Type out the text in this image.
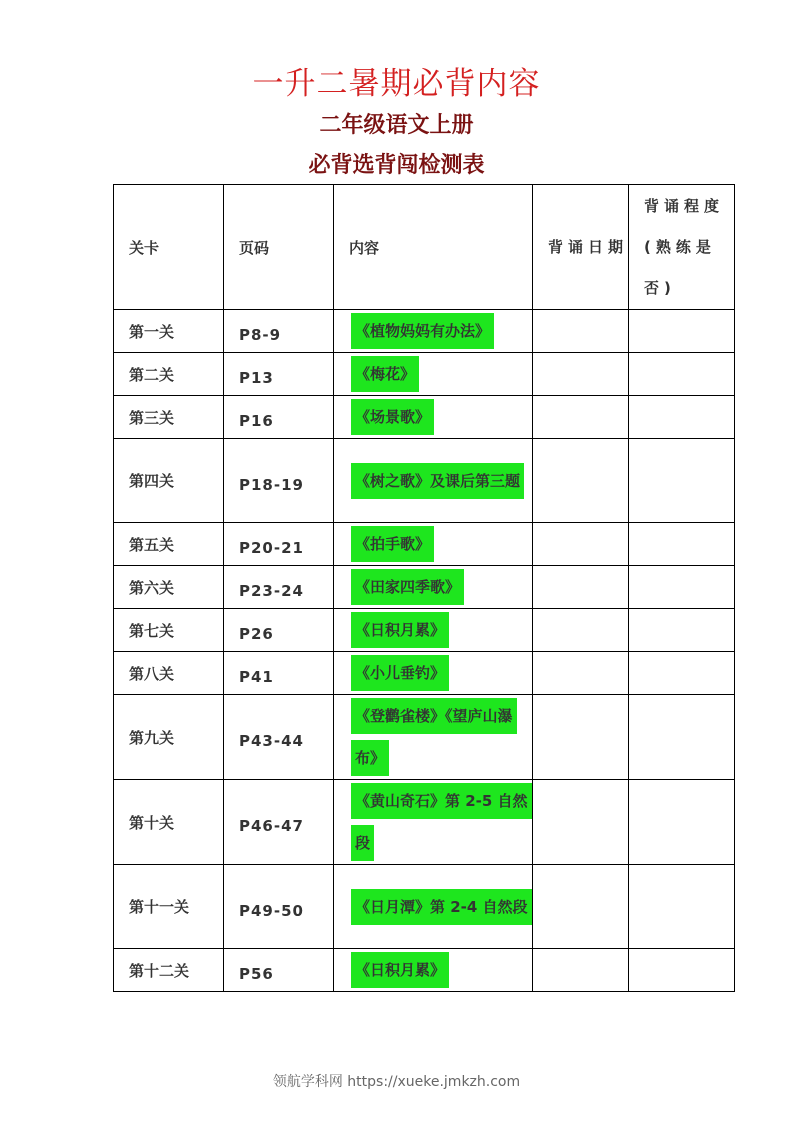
一升二暑期必背内容
二年级语文上册
必背选背闯检测表
关卡	页码	内容	背诵日期	背诵程度(熟练是否)
第一关	P8-9	《植物妈妈有办法》		
第二关	P13	《梅花》		
第三关	P16	《场景歌》		
第四关	P18-19	《树之歌》及课后第三题		
第五关	P20-21	《拍手歌》		
第六关	P23-24	《田家四季歌》		
第七关	P26	《日积月累》		
第八关	P41	《小儿垂钓》		
第九关	P43-44	《登鹳雀楼》《望庐山瀑布》		
第十关	P46-47	《黄山奇石》第 2-5 自然段		
第十一关	P49-50	《日月潭》第 2-4 自然段		
第十二关	P56	《日积月累》		
领航学科网 https://xueke.jmkzh.com
